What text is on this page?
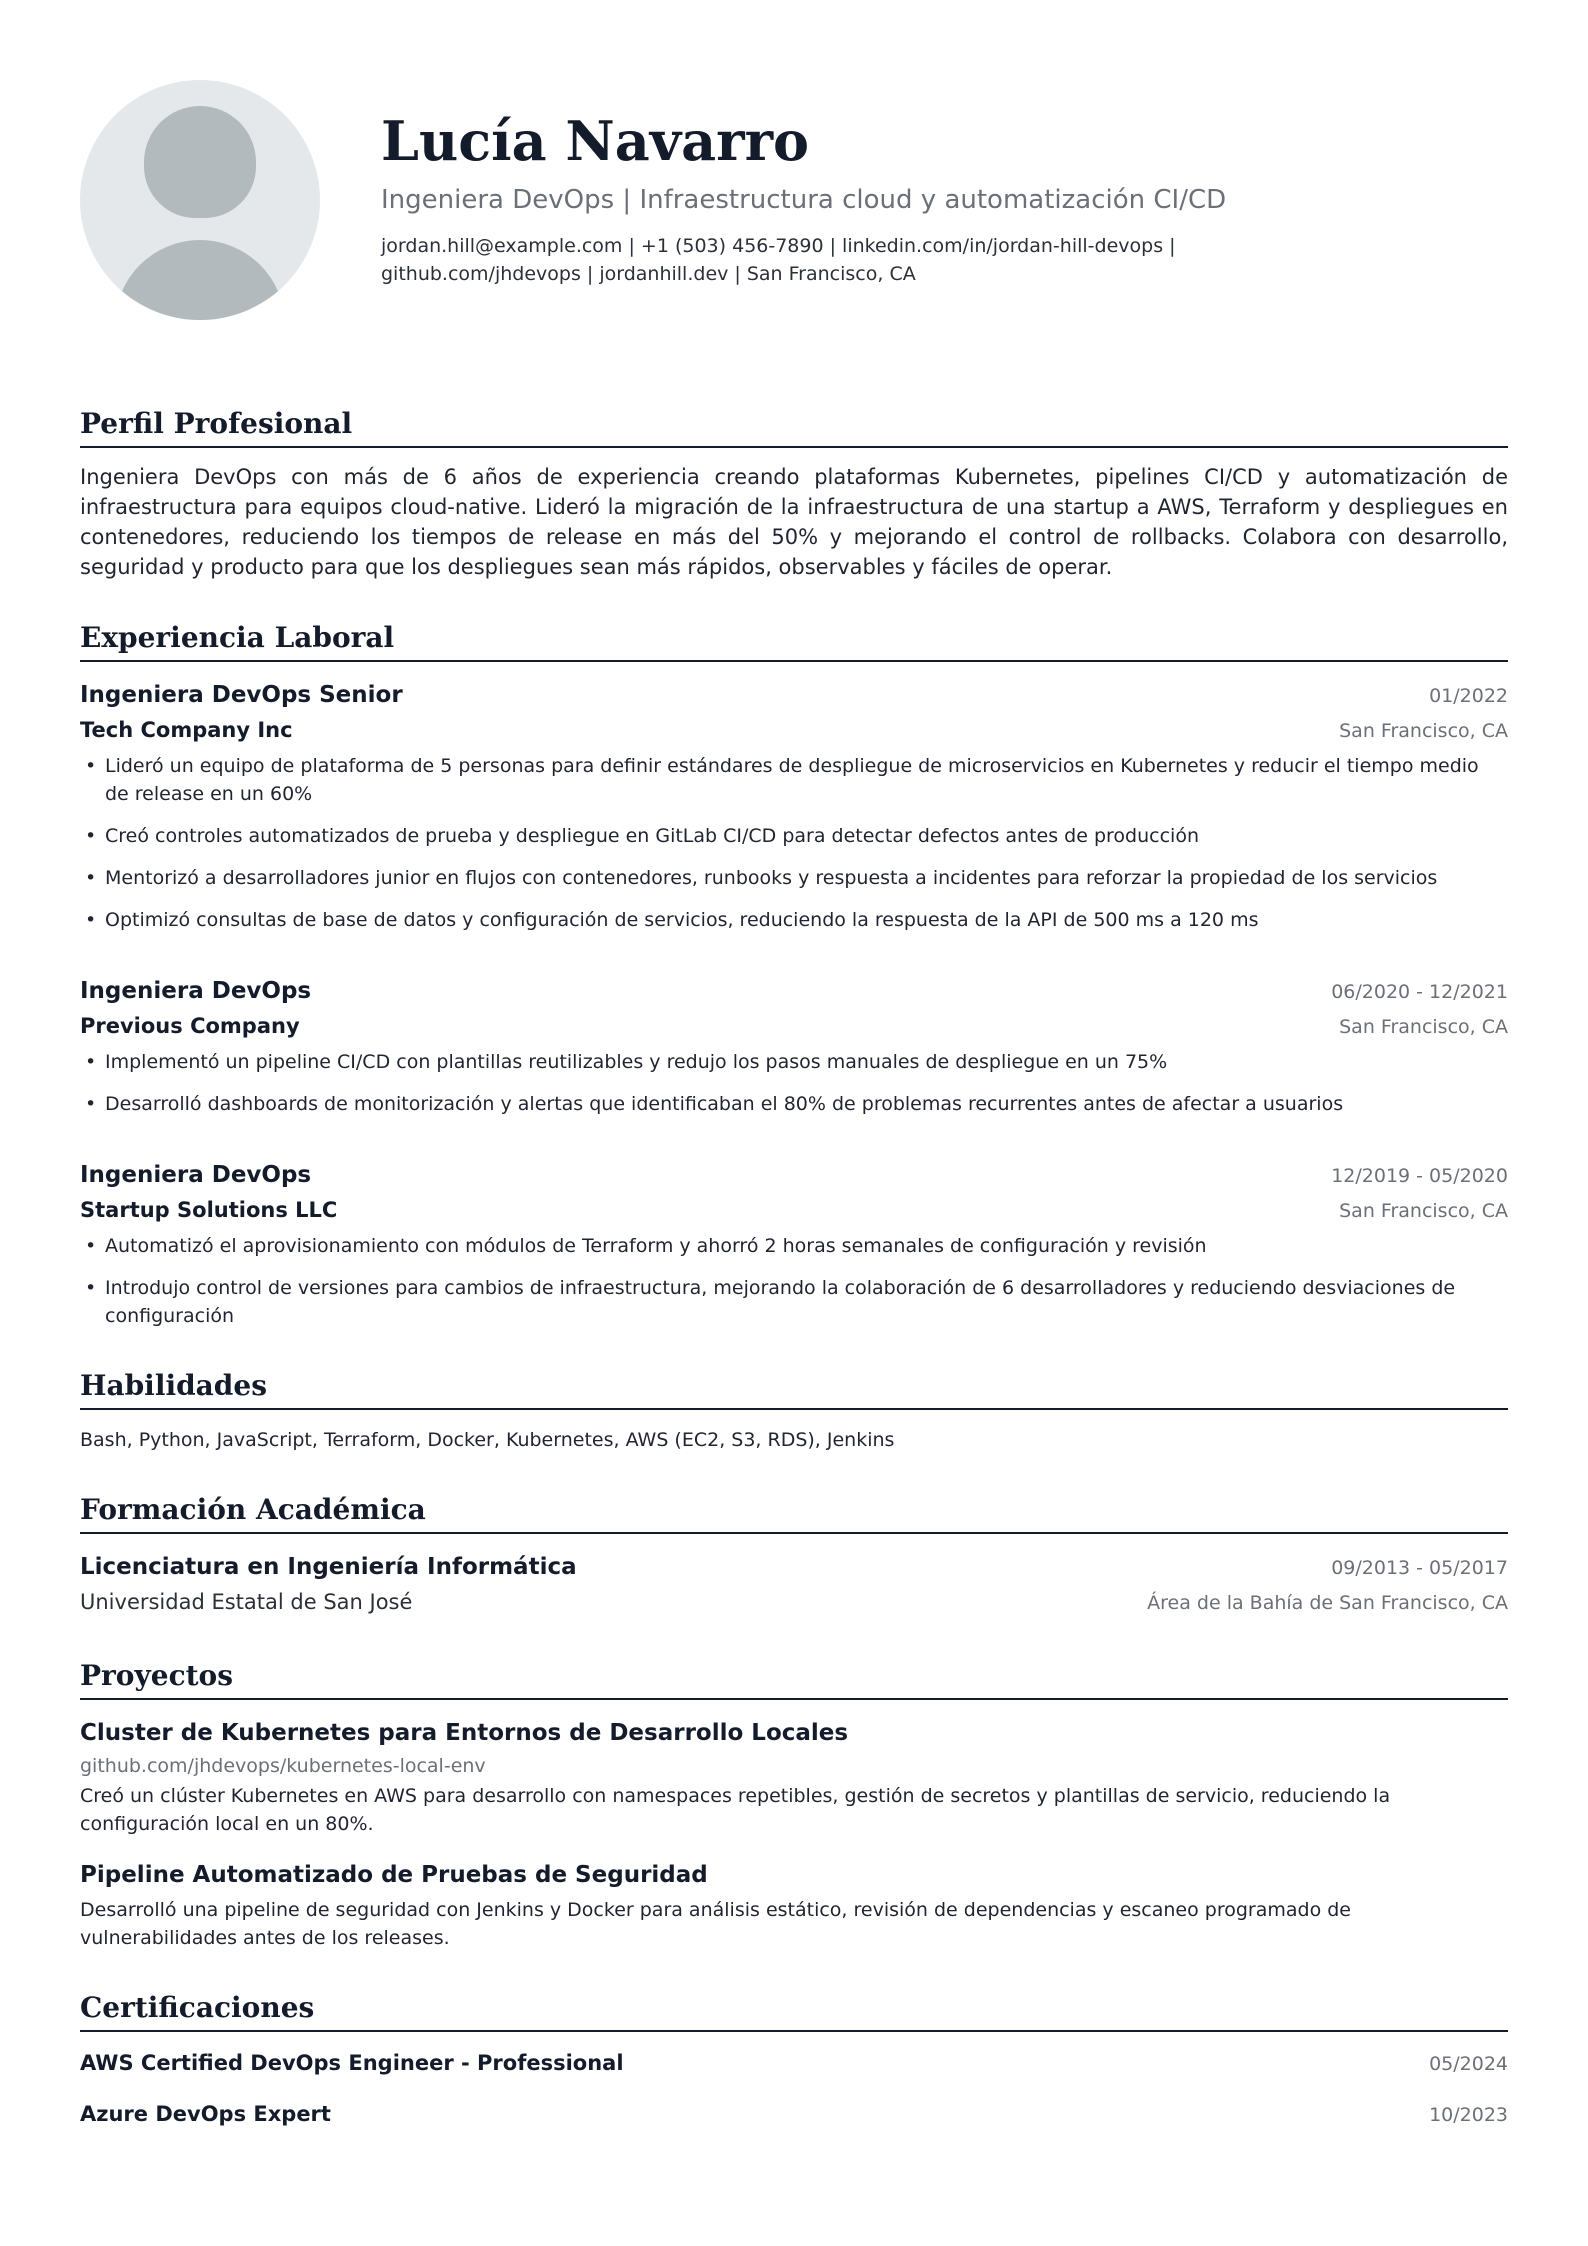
Lucía Navarro
Ingeniera DevOps | Infraestructura cloud y automatización CI/CD
jordan.hill@example.com | +1 (503) 456-7890 | linkedin.com/in/jordan-hill-devops | github.com/jhdevops | jordanhill.dev | San Francisco, CA
Perfil Profesional
Ingeniera DevOps con más de 6 años de experiencia creando plataformas Kubernetes, pipelines CI/CD y automatización de infraestructura para equipos cloud-native. Lideró la migración de la infraestructura de una startup a AWS, Terraform y despliegues en contenedores, reduciendo los tiempos de release en más del 50% y mejorando el control de rollbacks. Colabora con desarrollo, seguridad y producto para que los despliegues sean más rápidos, observables y fáciles de operar.
Experiencia Laboral
Ingeniera DevOps Senior	01/2022
Tech Company Inc	San Francisco, CA
• Lideró un equipo de plataforma de 5 personas para definir estándares de despliegue de microservicios en Kubernetes y reducir el tiempo medio de release en un 60%
• Creó controles automatizados de prueba y despliegue en GitLab CI/CD para detectar defectos antes de producción
• Mentorizó a desarrolladores junior en flujos con contenedores, runbooks y respuesta a incidentes para reforzar la propiedad de los servicios
• Optimizó consultas de base de datos y configuración de servicios, reduciendo la respuesta de la API de 500 ms a 120 ms
Ingeniera DevOps	06/2020 - 12/2021
Previous Company	San Francisco, CA
• Implementó un pipeline CI/CD con plantillas reutilizables y redujo los pasos manuales de despliegue en un 75%
• Desarrolló dashboards de monitorización y alertas que identificaban el 80% de problemas recurrentes antes de afectar a usuarios
Ingeniera DevOps	12/2019 - 05/2020
Startup Solutions LLC	San Francisco, CA
• Automatizó el aprovisionamiento con módulos de Terraform y ahorró 2 horas semanales de configuración y revisión
• Introdujo control de versiones para cambios de infraestructura, mejorando la colaboración de 6 desarrolladores y reduciendo desviaciones de configuración
Habilidades
Bash, Python, JavaScript, Terraform, Docker, Kubernetes, AWS (EC2, S3, RDS), Jenkins
Formación Académica
Licenciatura en Ingeniería Informática	09/2013 - 05/2017
Universidad Estatal de San José	Área de la Bahía de San Francisco, CA
Proyectos
Cluster de Kubernetes para Entornos de Desarrollo Locales
github.com/jhdevops/kubernetes-local-env
Creó un clúster Kubernetes en AWS para desarrollo con namespaces repetibles, gestión de secretos y plantillas de servicio, reduciendo la configuración local en un 80%.
Pipeline Automatizado de Pruebas de Seguridad
Desarrolló una pipeline de seguridad con Jenkins y Docker para análisis estático, revisión de dependencias y escaneo programado de vulnerabilidades antes de los releases.
Certificaciones
AWS Certified DevOps Engineer - Professional	05/2024
Azure DevOps Expert	10/2023
